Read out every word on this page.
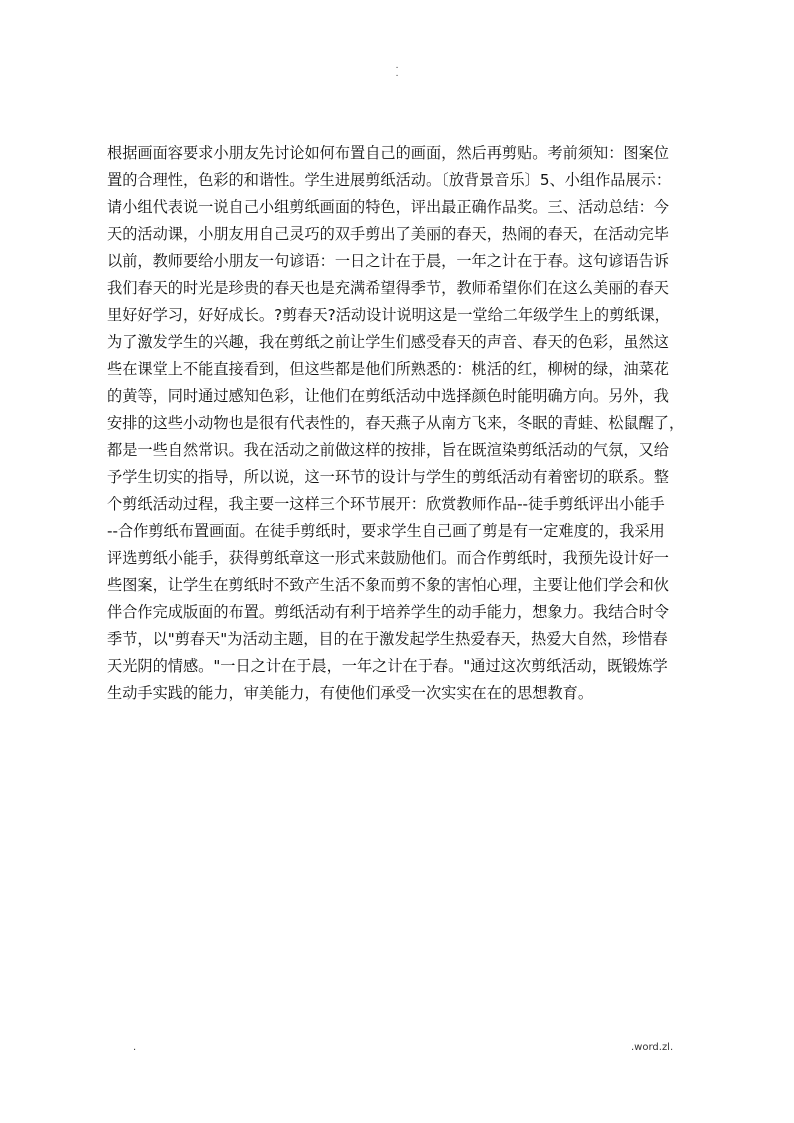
.
.
根据画面容要求小朋友先讨论如何布置自己的画面，然后再剪贴。考前须知：图案位
置的合理性，色彩的和谐性。学生进展剪纸活动。〔放背景音乐〕5、小组作品展示：
请小组代表说一说自己小组剪纸画面的特色，评出最正确作品奖。三、活动总结：今
天的活动课，小朋友用自己灵巧的双手剪出了美丽的春天，热闹的春天，在活动完毕
以前，教师要给小朋友一句谚语：一日之计在于晨，一年之计在于春。这句谚语告诉
我们春天的时光是珍贵的春天也是充满希望得季节，教师希望你们在这么美丽的春天
里好好学习，好好成长。?剪春天?活动设计说明这是一堂给二年级学生上的剪纸课，
为了激发学生的兴趣，我在剪纸之前让学生们感受春天的声音、春天的色彩，虽然这
些在课堂上不能直接看到，但这些都是他们所熟悉的：桃活的红，柳树的绿，油菜花
的黄等，同时通过感知色彩，让他们在剪纸活动中选择颜色时能明确方向。另外，我
安排的这些小动物也是很有代表性的，春天燕子从南方飞来，冬眠的青蛙、松鼠醒了，
都是一些自然常识。我在活动之前做这样的按排，旨在既渲染剪纸活动的气氛，又给
予学生切实的指导，所以说，这一环节的设计与学生的剪纸活动有着密切的联系。整
个剪纸活动过程，我主要一这样三个环节展开：欣赏教师作品--徒手剪纸评出小能手
--合作剪纸布置画面。在徒手剪纸时，要求学生自己画了剪是有一定难度的，我采用
评选剪纸小能手，获得剪纸章这一形式来鼓励他们。而合作剪纸时，我预先设计好一
些图案，让学生在剪纸时不致产生活不象而剪不象的害怕心理，主要让他们学会和伙
伴合作完成版面的布置。剪纸活动有利于培养学生的动手能力，想象力。我结合时令
季节，以"剪春天"为活动主题，目的在于激发起学生热爱春天，热爱大自然，珍惜春
天光阴的情感。"一日之计在于晨，一年之计在于春。"通过这次剪纸活动，既锻炼学
生动手实践的能力，审美能力，有使他们承受一次实实在在的思想教育。
.	.word.zl.
